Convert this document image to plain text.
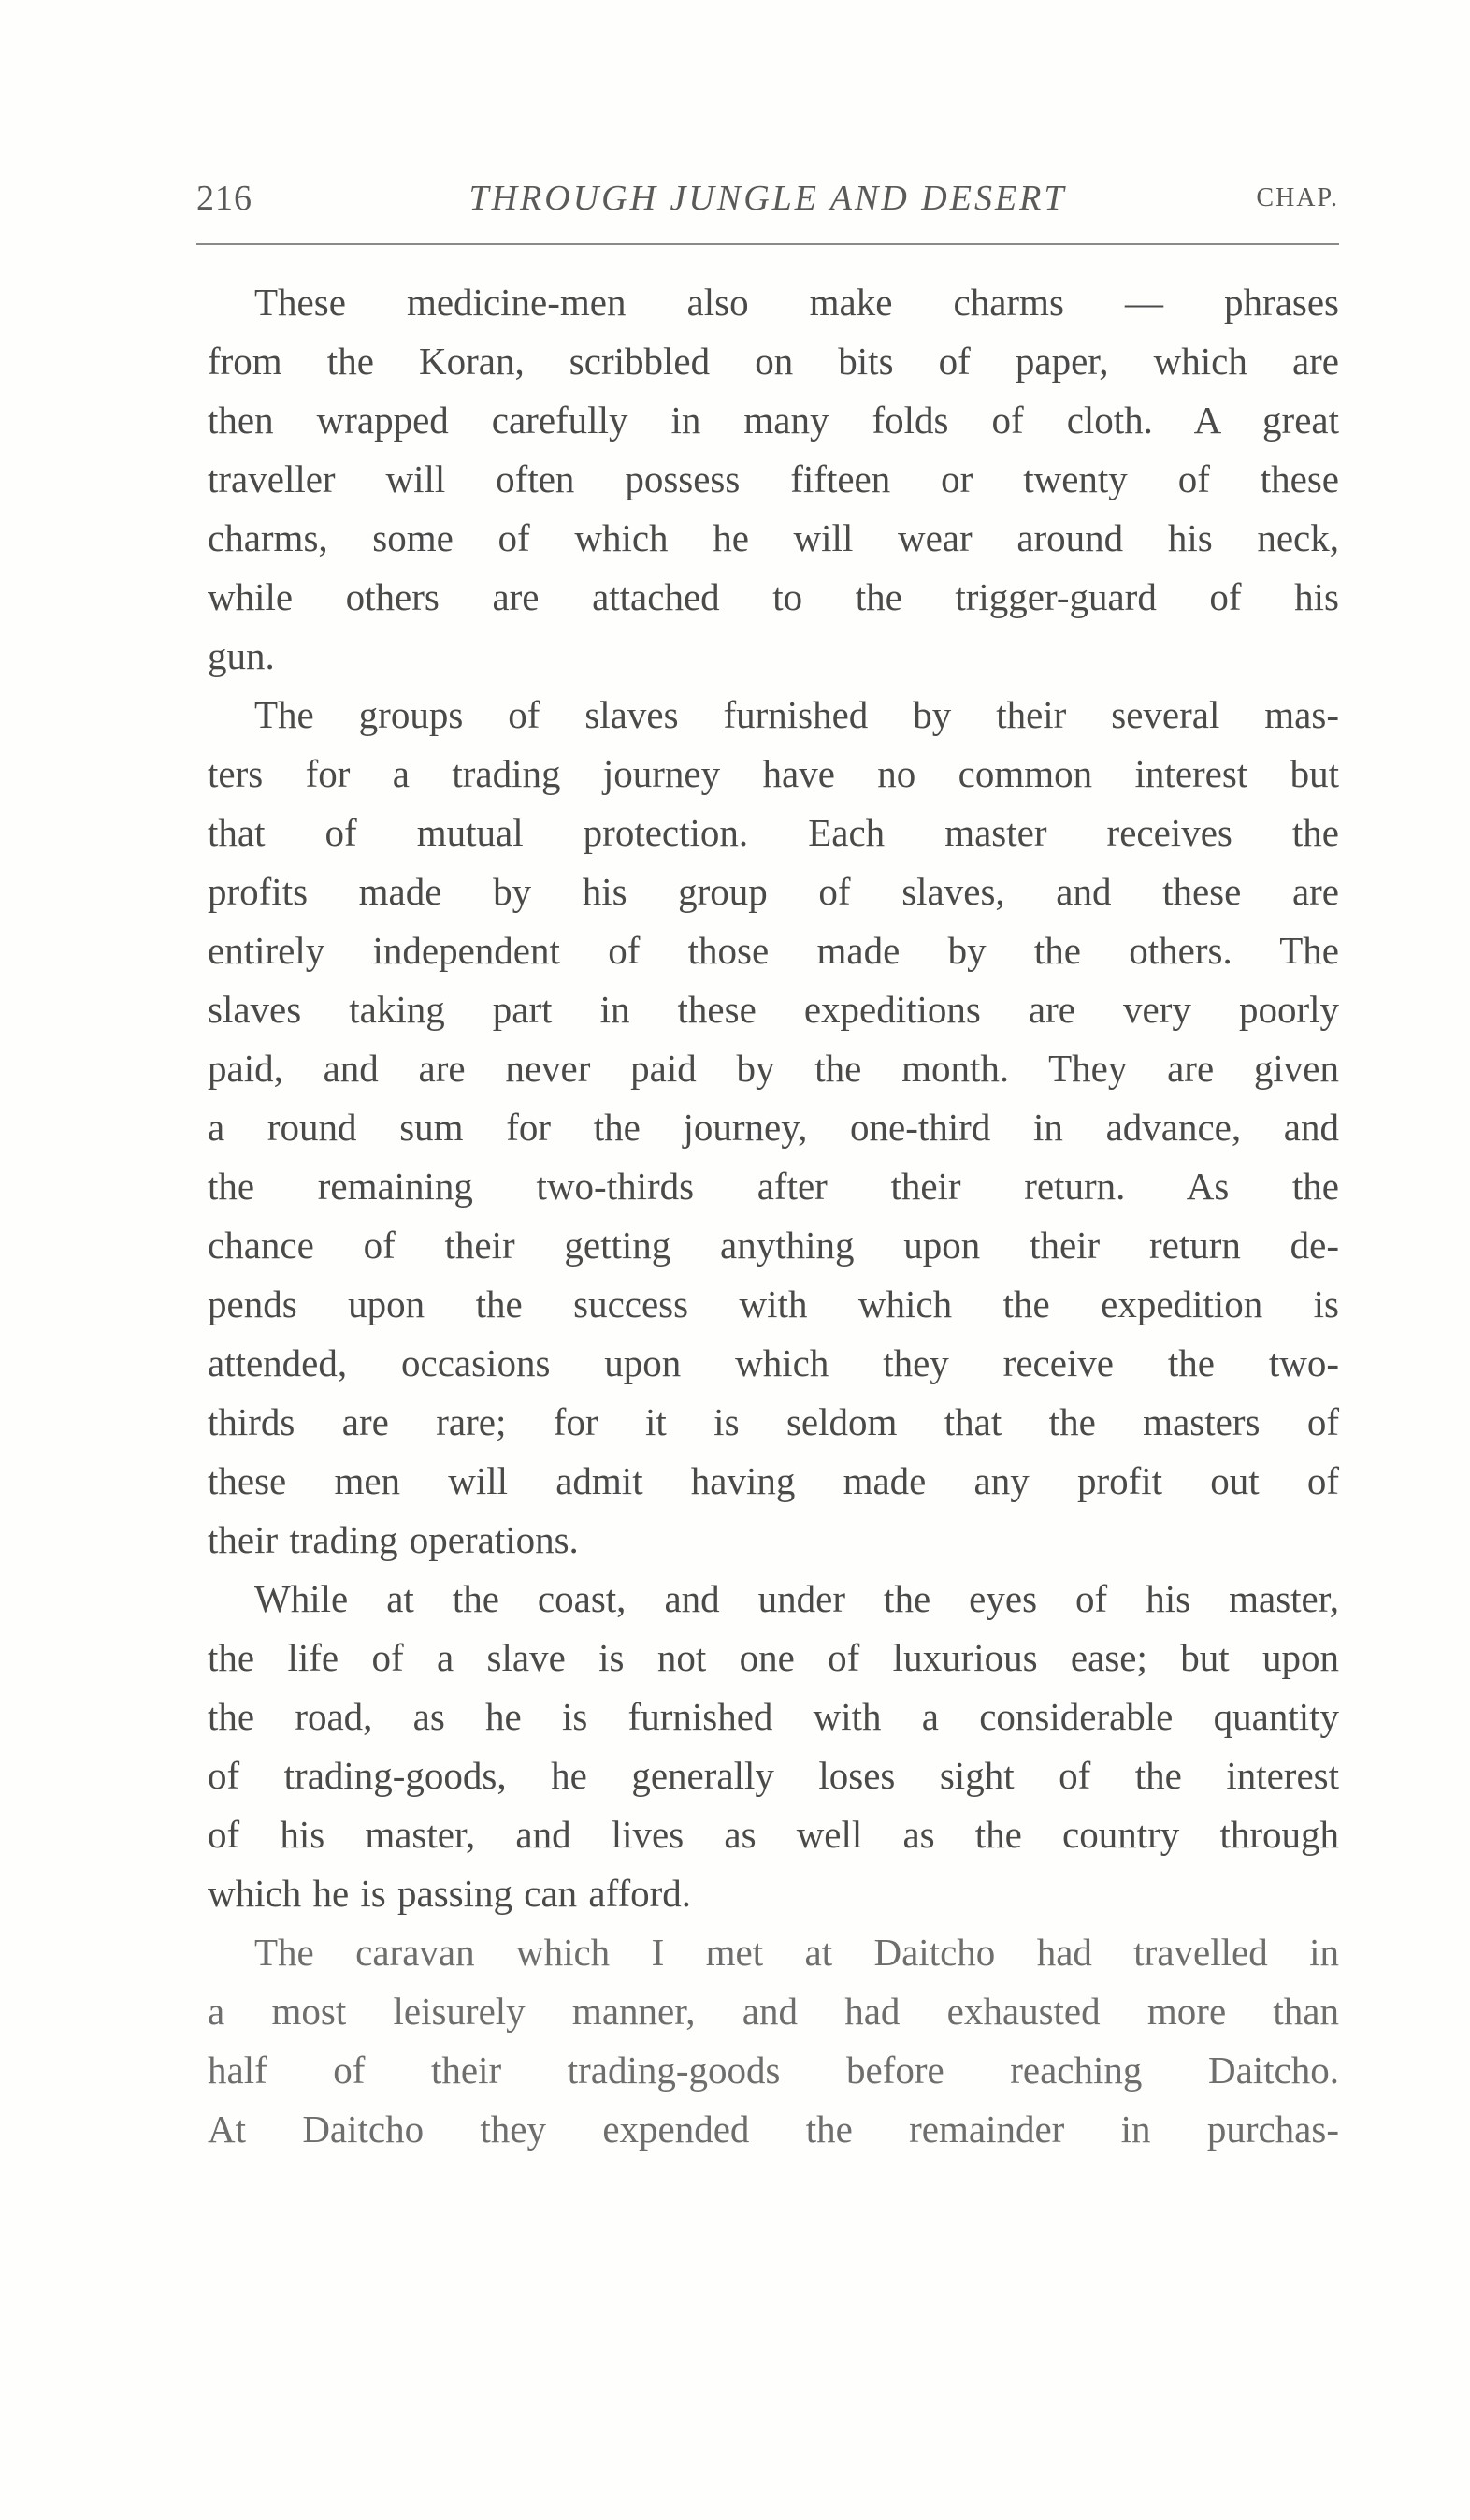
216	THROUGH JUNGLE AND DESERT	CHAP.
These medicine-men also make charms — phrases
from the Koran, scribbled on bits of paper, which are
then wrapped carefully in many folds of cloth. A great
traveller will often possess fifteen or twenty of these
charms, some of which he will wear around his neck,
while others are attached to the trigger-guard of his
gun.
The groups of slaves furnished by their several mas-
ters for a trading journey have no common interest but
that of mutual protection. Each master receives the
profits made by his group of slaves, and these are
entirely independent of those made by the others. The
slaves taking part in these expeditions are very poorly
paid, and are never paid by the month. They are given
a round sum for the journey, one-third in advance, and
the remaining two-thirds after their return. As the
chance of their getting anything upon their return de-
pends upon the success with which the expedition is
attended, occasions upon which they receive the two-
thirds are rare; for it is seldom that the masters of
these men will admit having made any profit out of
their trading operations.
While at the coast, and under the eyes of his master,
the life of a slave is not one of luxurious ease; but upon
the road, as he is furnished with a considerable quantity
of trading-goods, he generally loses sight of the interest
of his master, and lives as well as the country through
which he is passing can afford.
The caravan which I met at Daitcho had travelled in
a most leisurely manner, and had exhausted more than
half of their trading-goods before reaching Daitcho.
At Daitcho they expended the remainder in purchas-
